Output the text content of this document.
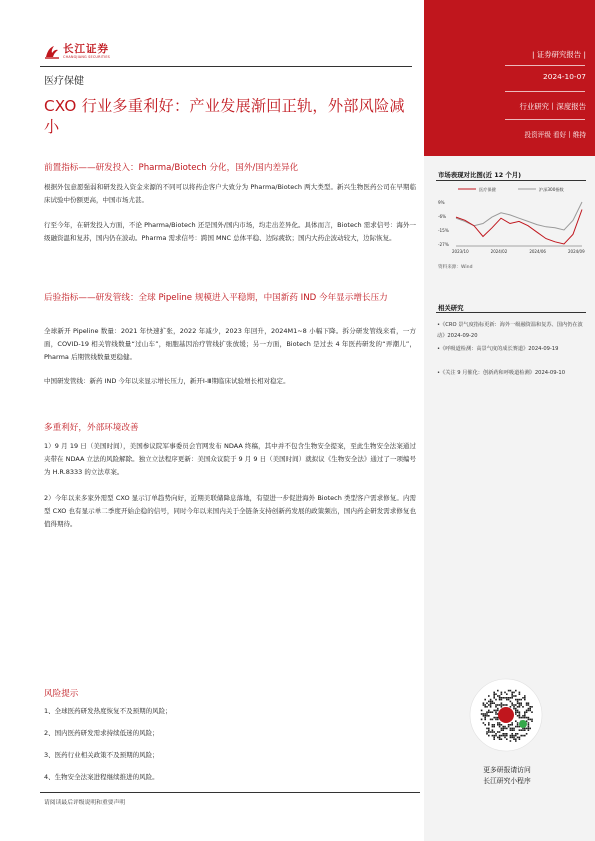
| 证券研究报告 |
2024-10-07
行业研究丨深度报告
投资评级 看好丨维持
长江证券
CHANGJIANG SECURITIES
医疗保健
CXO 行业多重利好：产业发展渐回正轨，外部风险减小
前置指标——研发投入：Pharma/Biotech 分化，国外/国内差异化
根据外包意愿强弱和研发投入资金来源的不同可以将药企客户大致分为 Pharma/Biotech 两大类型。新兴生物医药公司在早期临床试验中份额更高，中国市场尤甚。
行至今年，在研发投入方面，不论 Pharma/Biotech 还是国外/国内市场，均走出差异化。具体而言，Biotech 需求信号：海外一级融资温和复苏，国内仍在波动。Pharma 需求信号：跨国 MNC 总体平稳、边际疲软；国内大药企波动较大，边际恢复。
后验指标——研发管线：全球 Pipeline 规模进入平稳期，中国新药 IND 今年显示增长压力
全球新开 Pipeline 数量：2021 年快速扩张，2022 年减少，2023 年回升，2024M1~8 小幅下降。拆分研发管线来看，一方面，COVID-19 相关管线数量“过山车”，细胞基因治疗管线扩张放缓；另一方面，Biotech 是过去 4 年医药研发的“弄潮儿”，Pharma 后期管线数量更稳健。
中国研发管线：新药 IND 今年以来显示增长压力，新开Ⅰ-Ⅲ期临床试验增长相对稳定。
多重利好，外部环境改善
1）9 月 19 日（美国时间），美国参议院军事委员会官网发布 NDAA 终稿，其中并不包含生物安全提案，至此生物安全法案通过夹带在 NDAA 立法的风险解除。独立立法程序更新：美国众议院于 9 月 9 日（美国时间）就拟议《生物安全法》通过了一项编号为 H.R.8333 的立法草案。
2）今年以来多家外需型 CXO 显示订单趋势向好，近期美联储降息落地，有望进一步促进海外 Biotech 类型客户需求修复。内需型 CXO 也有显示单二季度开始企稳的信号，同时今年以来国内关于全链条支持创新药发展的政策频出，国内药企研发需求修复也值得期待。
风险提示
1、全球医药研发热度恢复不及预期的风险；
2、国内医药研发需求持续低迷的风险；
3、医药行业相关政策不及预期的风险；
4、生物安全法案进程继续推进的风险。
请阅读最后评级说明和重要声明
市场表现对比图(近 12 个月)
医疗保健	沪深300指数
9%
-6%
-15%
-27%
2023/10	2024/02	2024/06	2024/09
资料来源：Wind
相关研究
•《CRO 景气度指标更新：海外一级融资温和复苏、国内仍在波动》2024-09-20
•《呼吸道检测：高景气度的成长赛道》2024-09-19
•《关注 9 月催化：创新药和呼吸道检测》2024-09-10
更多研报请访问
长江研究小程序
